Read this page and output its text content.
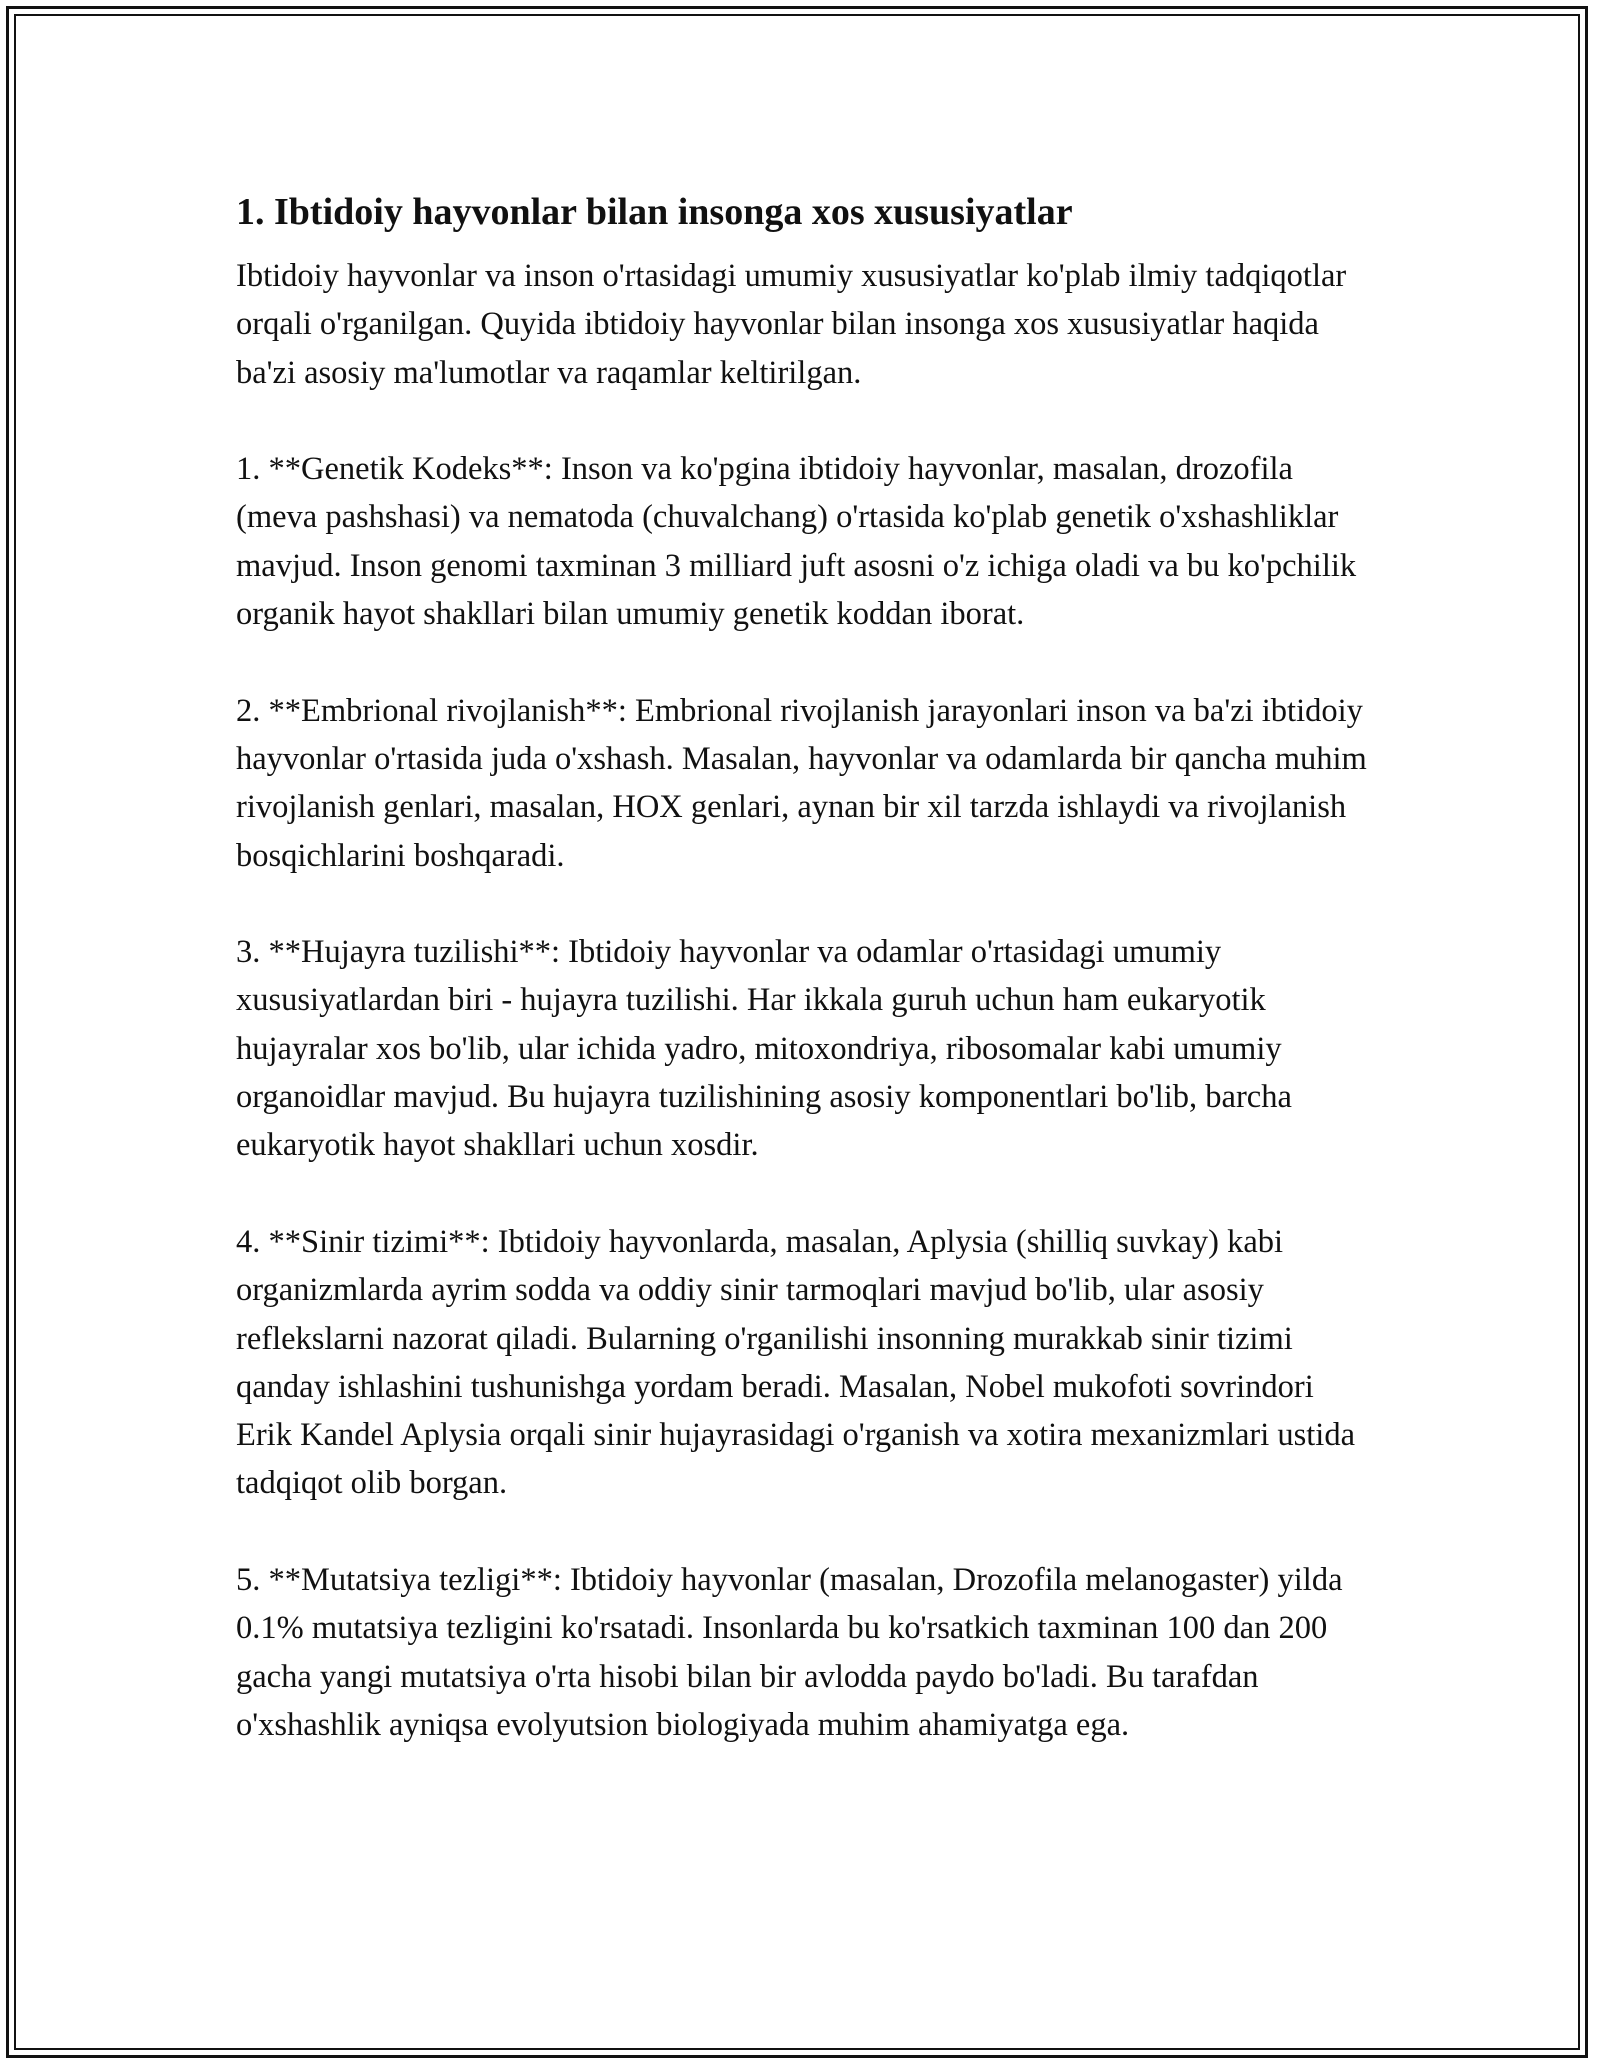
1. Ibtidoiy hayvonlar bilan insonga xos xususiyatlar

Ibtidoiy hayvonlar va inson o'rtasidagi umumiy xususiyatlar ko'plab ilmiy tadqiqotlar orqali o'rganilgan. Quyida ibtidoiy hayvonlar bilan insonga xos xususiyatlar haqida ba'zi asosiy ma'lumotlar va raqamlar keltirilgan.

1. **Genetik Kodeks**: Inson va ko'pgina ibtidoiy hayvonlar, masalan, drozofila (meva pashshasi) va nematoda (chuvalchang) o'rtasida ko'plab genetik o'xshashliklar mavjud. Inson genomi taxminan 3 milliard juft asosni o'z ichiga oladi va bu ko'pchilik organik hayot shakllari bilan umumiy genetik koddan iborat.

2. **Embrional rivojlanish**: Embrional rivojlanish jarayonlari inson va ba'zi ibtidoiy hayvonlar o'rtasida juda o'xshash. Masalan, hayvonlar va odamlarda bir qancha muhim rivojlanish genlari, masalan, HOX genlari, aynan bir xil tarzda ishlaydi va rivojlanish bosqichlarini boshqaradi.

3. **Hujayra tuzilishi**: Ibtidoiy hayvonlar va odamlar o'rtasidagi umumiy xususiyatlardan biri - hujayra tuzilishi. Har ikkala guruh uchun ham eukaryotik hujayralar xos bo'lib, ular ichida yadro, mitoxondriya, ribosomalar kabi umumiy organoidlar mavjud. Bu hujayra tuzilishining asosiy komponentlari bo'lib, barcha eukaryotik hayot shakllari uchun xosdir.

4. **Sinir tizimi**: Ibtidoiy hayvonlarda, masalan, Aplysia (shilliq suvkay) kabi organizmlarda ayrim sodda va oddiy sinir tarmoqlari mavjud bo'lib, ular asosiy reflekslarni nazorat qiladi. Bularning o'rganilishi insonning murakkab sinir tizimi qanday ishlashini tushunishga yordam beradi. Masalan, Nobel mukofoti sovrindori Erik Kandel Aplysia orqali sinir hujayrasidagi o'rganish va xotira mexanizmlari ustida tadqiqot olib borgan.

5. **Mutatsiya tezligi**: Ibtidoiy hayvonlar (masalan, Drozofila melanogaster) yilda 0.1% mutatsiya tezligini ko'rsatadi. Insonlarda bu ko'rsatkich taxminan 100 dan 200 gacha yangi mutatsiya o'rta hisobi bilan bir avlodda paydo bo'ladi. Bu tarafdan o'xshashlik ayniqsa evolyutsion biologiyada muhim ahamiyatga ega.
